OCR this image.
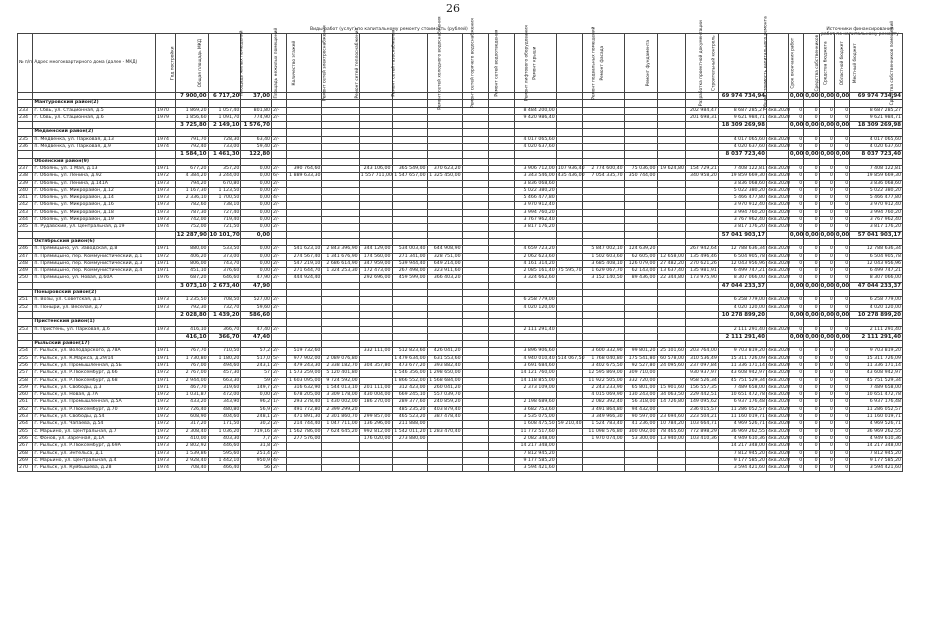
26
Виды работ (услуг) по капитальному ремонту стоимость (рублей)	Источники финансирования работ по капитальному ремонту
№ п/п	Адрес многоквартирного дома (далее - МКД)	Год постройки	Общая площадь МКД	Площадь жилых помещений	Площадь нежилых помещений	Количество этажей	Ремонт сетей электроснабжения	Ремонт сетей теплоснабжения	Ремонт сетей газоснабжения	Ремонт сетей холодного водоснабжения	Ремонт сетей горячего водоснабжения	Ремонт сетей водоотведения	Ремонт лифтового оборудования	Ремонт крыши	Ремонт подвальных помещений	Ремонт фасада	Ремонт фундамента	Разработка проектной документации	Строительный контроль	Общая стоимость капитального ремонта	Срок окончания работ	Средства собственников	Средства бюджета	Областной бюджет	Местный бюджет	Средства собственников помещений
			7 900,00	6 717,20	37,00															69 974 734,94		0,00	0,00	0,00	0,00	69 974 734,94
	Мантуровский район(2)																									
233	г. Сбвь, ул. Стационная, д.5	1970	1 869,20	1 057,40	801,80	2/-								8 484 200,00					202 984,47	8 687 285,27	4кв.2020	0	0	0	0	8 687 285,27
234	г. Сбвь, ул. Стационная, д.6	1979	1 856,60	1 091,70	774,90	2/-								9 420 986,40					201 698,31	9 621 984,71	4кв.2020	0	0	0	0	9 621 984,71
			3 725,80	2 149,10	1 576,70															18 309 269,98		0,00	0,00	0,00	0,00	18 309 269,98
	Медвенский район(2)																									
235	п. Медвенка, ул. Парковая, д.13	1974	791,70	728,30	63,40	2/-								4 017 065,60						4 017 065,60	4кв.2020	0	0	0	0	4 017 065,60
236	п. Медвенка, ул. Парковая, д.9	1974	792,40	733,00	59,40	2/-								4 020 637,60						4 020 637,60	4кв.2020	0	0	0	0	4 020 637,60
			1 584,10	1 461,30	122,80															8 037 723,40		0,00	0,00	0,00	0,00	8 037 723,40
	Обоянский район(9)																									
237	г. Обоянь, ул. 1 Мая, д.13	1971	677,20	357,20	0,00	2/-	390 764,60		243 106,00	365 549,00	370 623,20			3 906 712,00	107 936,40	2 774 600,40	75 036,00	19 624,80	154 729,21	7 408 122,81	4кв.2020	0	0	0	0	7 408 122,81
238	г. Обоянь, ул. Ленина, д.92	1972	4 384,20	3 244,00	0,00	6/-	1 889 633,30		1 557 711,00	1 547 657,00	1 325 450,00			3 343 546,00	435 436,00	7 054 335,70	350 744,00		340 958,20	19 859 669,30	4кв.2020	0	0	0	0	19 859 669,30
239	г. Обоянь, ул. Ленина, д.141А	1973	794,20	670,80	0,00	2/-								3 836 068,60						3 836 068,60	4кв.2020	0	0	0	0	3 836 068,60
240	г. Обоянь, ул. Микрорайон, д.12	1973	1 167,30	1 123,50	0,00	2/-								5 022 380,20						5 022 380,20	4кв.2020	0	0	0	0	5 022 380,20
241	г. Обоянь, ул. Микрорайон, д.14	1973	2 336,10	1 700,50	0,00	4/-								5 466 477,80						5 466 477,80	4кв.2020	0	0	0	0	5 466 477,80
242	г. Обоянь, ул. Микрорайон, д.16	1973	782,60	738,10	0,00	2/-								3 970 912,40						3 970 912,40	4кв.2020	0	0	0	0	3 970 912,40
243	г. Обоянь, ул. Микрорайон, д.18	1973	787,30	727,40	0,00	2/-								3 994 760,20						3 994 760,20	4кв.2020	0	0	0	0	3 994 760,20
244	г. Обоянь, ул. Микрорайон, д.19	1973	742,00	719,40	0,00	2/-								3 767 962,40						3 767 962,40	4кв.2020	0	0	0	0	3 767 962,40
245	п. Рудавский, ул. Центральная, д.19	1974	752,00	721,50	0,00	2/-								3 817 176,20						3 817 176,20	4кв.2020	0	0	0	0	3 817 176,20
			12 287,90	10 101,70	0,00															57 041 903,17		0,00	0,00	0,00	0,00	57 041 903,17
	Октябрьский район(6)																									
246	п. Прямицыно, ул. Заводская, д.8	1971	880,00	533,50	0,00	2/-	541 623,10	2 843 396,90	344 129,00	534 003,40	644 908,90			4 659 723,20		5 847 002,10	124 639,20		267 942,64	12 788 636,34	4кв.2020	0	0	0	0	12 788 636,34
247	п. Прямицыно, пер. Коммунистический, д.1	1972	406,20	373,00	0,00	2/-	274 567,40	1 341 676,90	174 560,00	271 341,00	328 751,00			2 062 623,60		1 502 603,60	62 605,00	12 658,00	135 496,46	6 504 905,78	4кв.2020	0	0	0	0	6 504 905,78
248	п. Прямицыно, пер. Коммунистический, д.3	1971	806,00	743,70	0,00	2/-	547 219,10	2 686 614,90	347 959,00	539 944,40	649 214,00			4 161 314,20		3 685 408,10	126 079,00	27 482,20	270 621,26	12 043 956,96	4кв.2020	0	0	0	0	12 043 956,96
249	п. Прямицыно, пер. Коммунистический, д.4	1971	451,10	376,60	0,00	2/-	271 644,70	1 324 253,30	172 473,00	267 498,00	323 911,60			2 085 161,40	75 595,70	1 629 067,70	62 143,00	13 637,40	135 981,91	6 499 747,21	4кв.2020	0	0	0	0	6 499 747,21
250	п. Прямицыно, ул. Новая, д.60А	1976	687,20	646,60	47,90	2/-	444 924,40		292 696,00	459 599,00	366 403,20			3 324 662,60		3 152 140,50	89 436,00	22 344,80	173 975,90	8 307 066,00	4кв.2020	0	0	0	0	8 307 066,00
			3 073,10	2 673,40	47,90															47 044 233,37		0,00	0,00	0,00	0,00	47 044 233,37
	Поныровский район(2)																									
251	п. Возы, ул. Советская, д.1	1973	1 235,50	708,50	527,00	2/-								6 258 779,00						6 258 779,00	4кв.2020	0	0	0	0	6 258 779,00
252	п. Поныри, ул. Веселая, д.7	1973	792,30	732,70	59,60	2/-								4 020 120,00						4 020 120,00	4кв.2020	0	0	0	0	4 020 120,00
			2 028,80	1 439,20	586,60															10 278 899,20		0,00	0,00	0,00	0,00	10 278 899,20
	Пристенский район(1)																									
253	п. Пристень, ул. Парковая, д.6	1973	416,10	366,70	47,40	2/-								2 111 291,40						2 111 291,40	4кв.2020	0	0	0	0	2 111 291,40
			416,10	366,70	47,40															2 111 291,40		0,00	0,00	0,00	0,00	2 111 291,40
	Рыльский район(17)																									
254	г. Рыльск, ул. Володарского, д.78А	1971	767,70	710,50	57,2	2/-	519 732,60		332 111,00	512 823,60	426 041,20			3 896 906,60		3 600 332,90	99 801,20	25 101,60	203 764,00	9 703 819,20	4кв.2020	0	0	0	0	9 703 819,20
255	г. Рыльск, ул. К.Маркса, д.29/14	1971	1 730,80	1 180,20	517,0	5/-	977 902,00	2 089 076,80		1 479 634,00	631 553,60			4 940 010,40	514 067,50	1 768 040,80	175 541,80	60 578,00	310 536,49	15 311 726,09	4кв.2020	0	0	0	0	15 311 726,09
256	г. Рыльск, ул. Промышленная, д.5Б	1971	767,00	494,60	243,1	2/-	479 243,30	2 338 182,70	304 357,80	473 677,20	393 882,40			3 691 684,60		3 402 675,50	92 527,80	24 095,60	237 097,84	11 336 171,14	4кв.2020	0	0	0	0	11 336 171,14
257	г. Рыльск, ул. Р.Люксембург, д.66	1972	2 767,00	457,30	57	2/-	1 573 259,00	5 120 401,80		1 546 356,00	1 298 650,00			14 121 760,00		12 595 869,00	309 710,00		930 937,97	43 608 942,97	4кв.2020	0	0	0	0	43 608 942,97
258	г. Рыльск, ул. Р.Люксембург, д.68	1971	2 944,00	663,30	59	2/-	1 603 095,00	9 724 592,00		1 866 552,00	1 568 684,00			14 118 855,00		11 922 505,00	332 720,00		958 526,34	45 751 529,34	4кв.2020	0	0	0	0	45 751 529,34
259	г. Рыльск, ул. Свободы, д.3	1971	467,70	319,60	149,7	2/-	316 632,90	1 544 013,10	201 111,00	312 423,00	260 041,20			2 373 109,00		2 243 233,90	65 801,00	15 901,60	156 557,35	7 489 658,00	4кв.2020	0	0	0	0	7 489 658,00
260	г. Рыльск, ул. Новая, д.7А	1972	1 031,87	472,00	0,00	2/-	678 205,00	3 309 178,00	430 004,00	669 245,10	557 039,70					4 015 069,90	130 243,00	34 063,50	229 442,51	10 651 472,78	4кв.2020	0	0	0	0	10 651 472,78
261	г. Рыльск, ул. Промышленная, д.5А	1972	433,20	343,90	96,2	1/-	293 278,40	1 430 002,00	186 270,00	289 377,60	240 859,20			2 198 689,60		2 082 392,40	56 318,00	14 726,80	149 095,62	6 937 176,48	4кв.2020	0	0	0	0	6 937 176,48
262	г. Рыльск, ул. Р.Люксембург, д.70	1972	726,40	480,80	56,9	2/-	491 772,80	2 399 299,20		485 235,20	403 879,40			3 682 753,60		3 491 864,80	94 432,00		236 015,57	11 286 052,57	4кв.2020	0	0	0	0	11 286 052,57
263	г. Рыльск, ул. Свободы, д.54	1972	608,90	404,60	248,1	2/-	471 891,30	2 301 860,70	299 857,00	465 523,20	387 478,40			3 535 075,00		3 349 966,30	90 597,00	23 694,60	223 504,21	11 160 019,71	4кв.2020	0	0	0	0	11 160 019,71
264	г. Рыльск, ул. Чапаева, д.54	1972	317,20	171,50	30,2	2/-	214 744,40	1 047 711,00	136 296,00	211 888,00				1 608 475,50	59 210,40	1 524 783,40	41 236,00	10 784,20	103 664,71	4 969 526,71	4кв.2020	0	0	0	0	4 969 526,71
265	с. Марьино, ул. Центральная, д.7	1972	2 308,40	1 036,20	719,16	3/-	1 562 786,00	7 624 645,20	992 812,00	1 542 011,20	1 283 470,40			11 772 517,60		11 098 576,80	300 092,00	78 465,60	772 898,29	36 969 262,55	4кв.2020	0	0	0	0	36 969 262,55
266	с. Фонов, ул. Заречная, д.1А	1972	410,00	403,30	7,7	2/-	277 576,00		176 020,00	273 880,00				2 082 348,00		1 970 074,00	53 300,00	13 940,00	103 410,36	4 949 610,36	4кв.2020	0	0	0	0	4 949 610,36
267	г. Рыльск, ул. Р.Люксембург, д.69А	1973	2 802,92	446,60	31,8	2/-								14 217 348,00						14 217 348,00	4кв.2020	0	0	0	0	14 217 348,00
268	г. Рыльск, ул. Энтельса, д.1	1973	1 539,86	595,60	251,4	2/-								7 812 945,20						7 812 945,20	4кв.2020	0	0	0	0	7 812 945,20
269	с. Марьино, ул. Центральная, д.4	1973	2 928,40	1 442,10	950,9	4/-								9 177 585,20						9 177 585,20	4кв.2020	0	0	0	0	9 177 585,20
270	г. Рыльск, ул. Куйбышева, д.28	1974	708,40	466,40	56	2/-								3 594 421,60						3 594 421,60	4кв.2020	0	0	0	0	3 594 421,60
